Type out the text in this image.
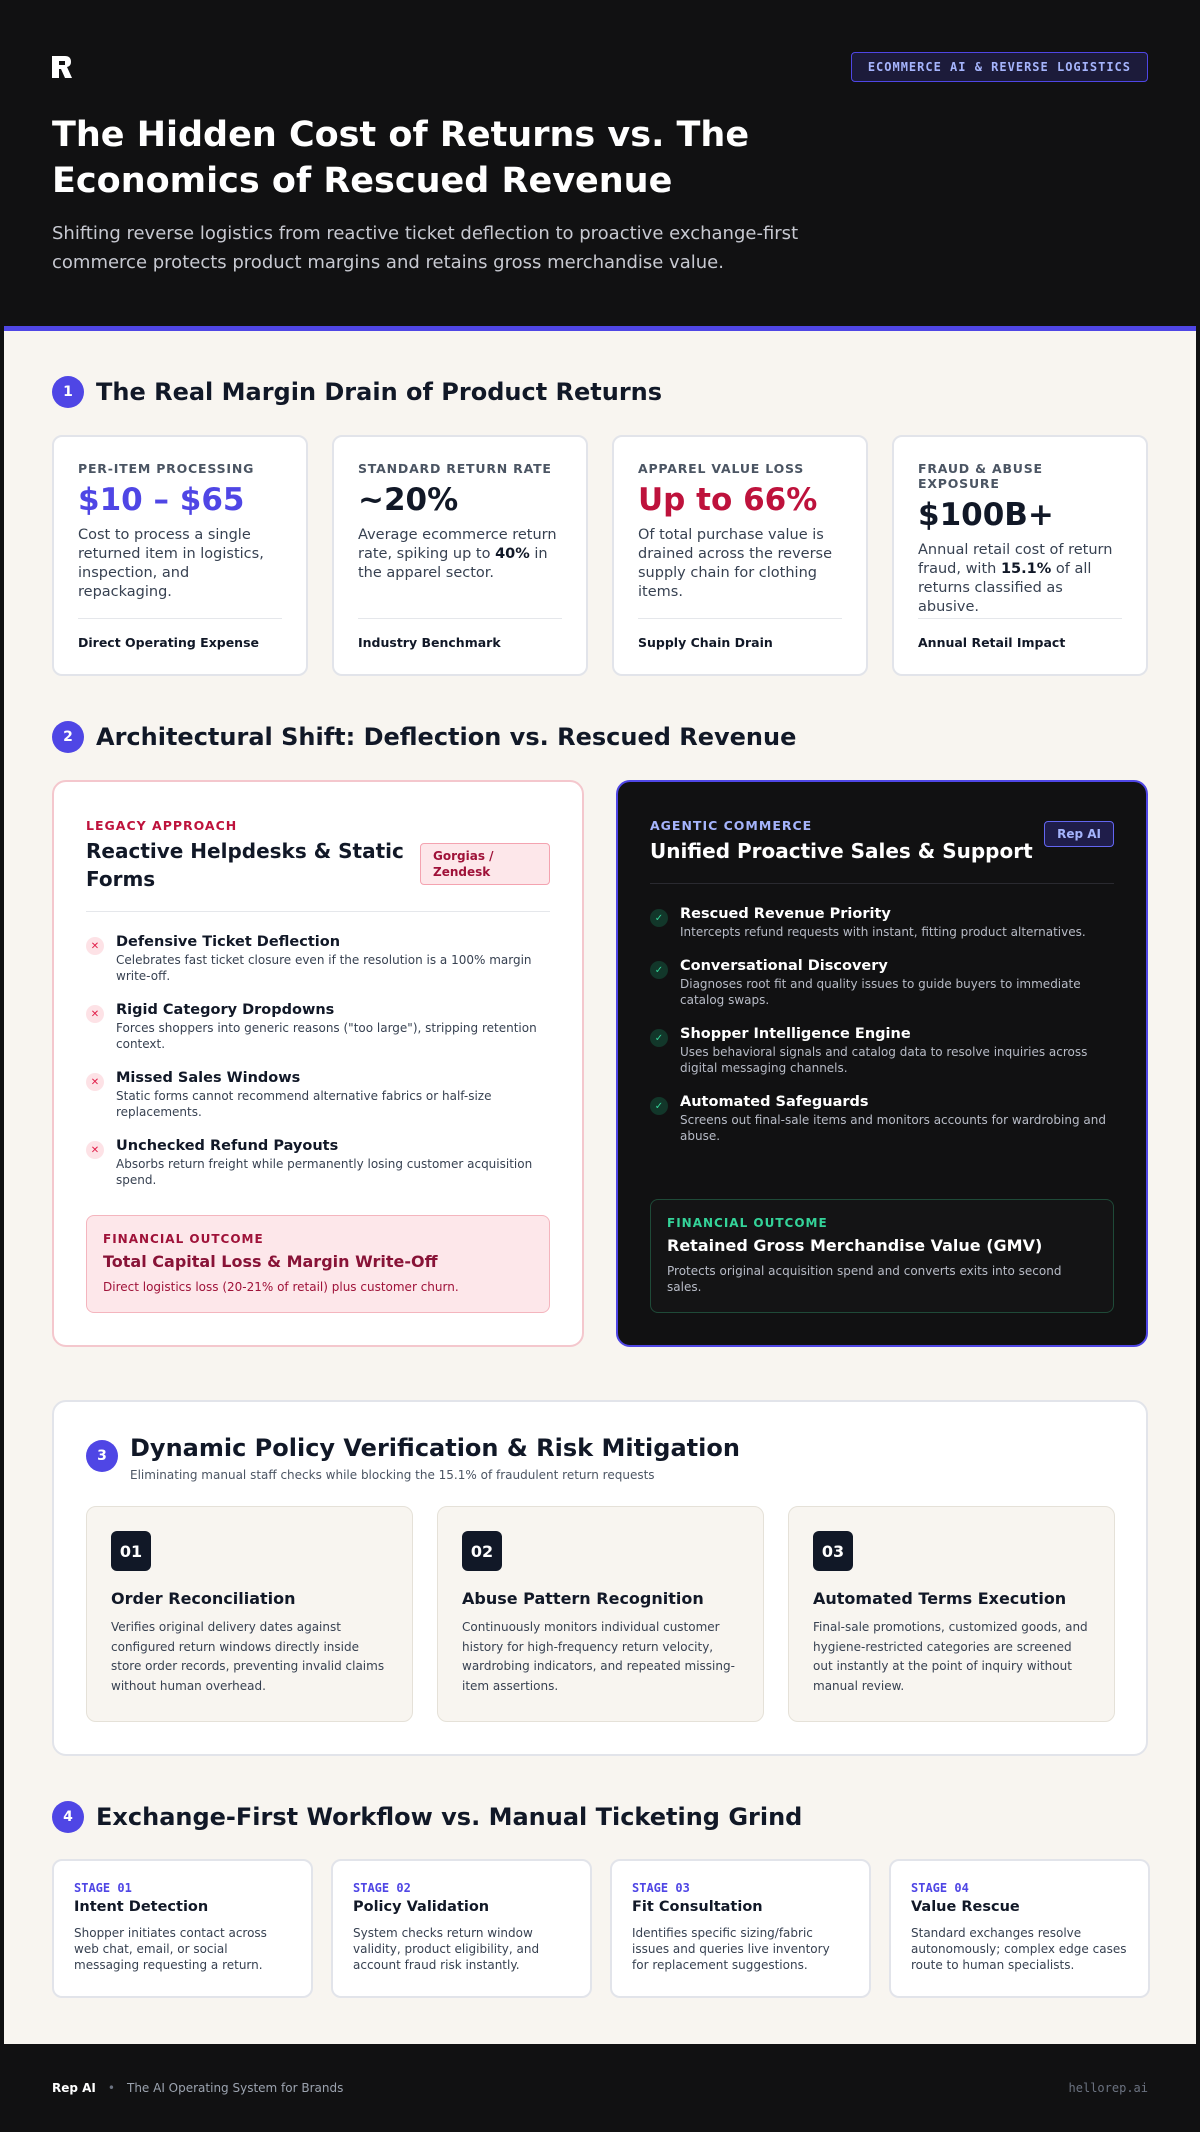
ECOMMERCE AI & REVERSE LOGISTICS
The Hidden Cost of Returns vs. The Economics of Rescued Revenue

Shifting reverse logistics from reactive ticket deflection to proactive exchange-first commerce protects product margins and retains gross merchandise value.

1 The Real Margin Drain of Product Returns
PER-ITEM PROCESSING
$10 – $65
Cost to process a single returned item in logistics, inspection, and repackaging.
Direct Operating Expense
STANDARD RETURN RATE
~20%
Average ecommerce return rate, spiking up to 40% in the apparel sector.
Industry Benchmark
APPAREL VALUE LOSS
Up to 66%
Of total purchase value is drained across the reverse supply chain for clothing items.
Supply Chain Drain
FRAUD & ABUSE EXPOSURE
$100B+
Annual retail cost of return fraud, with 15.1% of all returns classified as abusive.
Annual Retail Impact
2 Architectural Shift: Deflection vs. Rescued Revenue
LEGACY APPROACH
Reactive Helpdesks & Static Forms
Gorgias / Zendesk
✕	Defensive Ticket Deflection
Celebrates fast ticket closure even if the resolution is a 100% margin write-off.
✕	Rigid Category Dropdowns
Forces shoppers into generic reasons ("too large"), stripping retention context.
✕	Missed Sales Windows
Static forms cannot recommend alternative fabrics or half-size replacements.
✕	Unchecked Refund Payouts
Absorbs return freight while permanently losing customer acquisition spend.
FINANCIAL OUTCOME
Total Capital Loss & Margin Write-Off
Direct logistics loss (20-21% of retail) plus customer churn.
AGENTIC COMMERCE
Unified Proactive Sales & Support
Rep AI
✓	Rescued Revenue Priority
Intercepts refund requests with instant, fitting product alternatives.
✓	Conversational Discovery
Diagnoses root fit and quality issues to guide buyers to immediate catalog swaps.
✓	Shopper Intelligence Engine
Uses behavioral signals and catalog data to resolve inquiries across digital messaging channels.
✓	Automated Safeguards
Screens out final-sale items and monitors accounts for wardrobing and abuse.
FINANCIAL OUTCOME
Retained Gross Merchandise Value (GMV)
Protects original acquisition spend and converts exits into second sales.
3 Dynamic Policy Verification & Risk Mitigation
Eliminating manual staff checks while blocking the 15.1% of fraudulent return requests
01
Order Reconciliation
Verifies original delivery dates against configured return windows directly inside store order records, preventing invalid claims without human overhead.
02
Abuse Pattern Recognition
Continuously monitors individual customer history for high-frequency return velocity, wardrobing indicators, and repeated missing-item assertions.
03
Automated Terms Execution
Final-sale promotions, customized goods, and hygiene-restricted categories are screened out instantly at the point of inquiry without manual review.
4 Exchange-First Workflow vs. Manual Ticketing Grind
STAGE 01
Intent Detection
Shopper initiates contact across web chat, email, or social messaging requesting a return.
STAGE 02
Policy Validation
System checks return window validity, product eligibility, and account fraud risk instantly.
STAGE 03
Fit Consultation
Identifies specific sizing/fabric issues and queries live inventory for replacement suggestions.
STAGE 04
Value Rescue
Standard exchanges resolve autonomously; complex edge cases route to human specialists.
Rep AI • The AI Operating System for Brands	hellorep.ai
